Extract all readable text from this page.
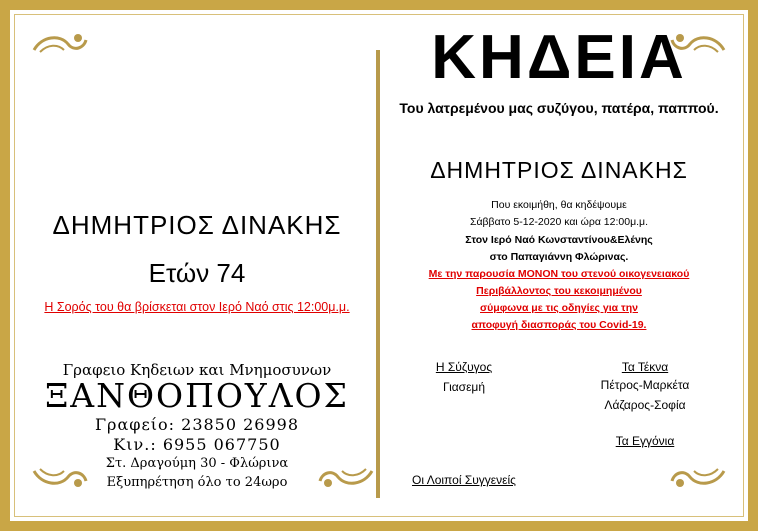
ΔΗΜΗΤΡΙΟΣ ΔΙΝΑΚΗΣ
Ετών 74
Η Σορός του θα βρίσκεται στον Ιερό Ναό στις 12:00μ.μ.
Γραφειο Κηδειων και Μνημοσυνων
ΞΑΝΘΟΠΟΥΛΟΣ
Γραφείο: 23850 26998
Κιν.: 6955 067750
Στ. Δραγούμη 30 - Φλώρινα
Εξυπηρέτηση όλο το 24ωρο
ΚΗΔΕΙΑ
Του λατρεμένου μας συζύγου, πατέρα, παππού.
ΔΗΜΗΤΡΙΟΣ ΔΙΝΑΚΗΣ
Που εκοιμήθη, θα κηδέψουμε
Σάββατο 5-12-2020 και ώρα 12:00μ.μ.
Στον Ιερό Ναό Κωνσταντίνου&Ελένης
στο Παπαγιάννη Φλώρινας.
Με την παρουσία ΜΟΝΟΝ του στενού οικογενειακού
Περιβάλλοντος του κεκοιμημένου
σύμφωνα με τις οδηγίες για την
αποφυγή διασποράς του Covid-19.
Η Σύζυγος
Γιασεμή
Τα Τέκνα
Πέτρος-Μαρκέτα
Λάζαρος-Σοφία
Τα Εγγόνια
Οι Λοιποί Συγγενείς
